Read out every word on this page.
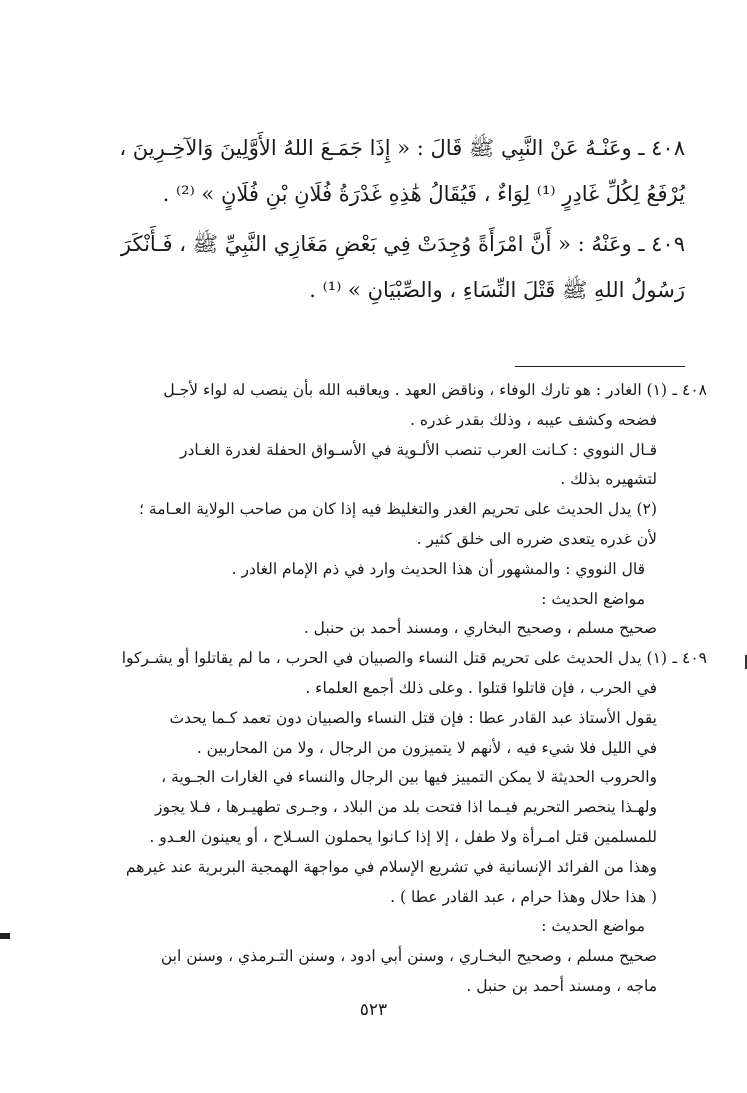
٤٠٨ ـ وعَنْـهُ عَنْ النَّبِي ﷺ قَالَ : « إِذَا جَمَـعَ اللهُ الأَوَّلِينَ وَالآخِـرِينَ ،
يُرْفَعُ لِكُلِّ غَادِرٍ ⁽¹⁾ لِوَاءٌ ، فَيُقَالُ هَٰذِهِ غَدْرَةُ فُلَانِ بْنِ فُلَانٍ » ⁽²⁾ .
٤٠٩ ـ وعَنْهُ : « أَنَّ امْرَأَةً وُجِدَتْ فِي بَعْضِ مَغَازِي النَّبِيِّ ﷺ ، فَـأَنْكَرَ
رَسُولُ اللهِ ﷺ قَتْلَ النِّسَاءِ ، والصِّبْيَانِ » ⁽¹⁾ .
٤٠٨ ـ(١) الغادر : هو تارك الوفاء ، وناقض العهد . ويعاقبه الله بأن ينصب له لواء لأجـل
فضحه وكشف عيبه ، وذلك بقدر غدره .
قـال النووي : كـانت العرب تنصب الألـوية في الأسـواق الحفلة لغدرة الغـادر
لتشهيره بذلك .
(٢) يدل الحديث على تحريم الغدر والتغليظ فيه إذا كان من صاحب الولاية العـامة ؛
لأن غدره يتعدى ضرره الى خلق كثير .
قال النووي : والمشهور أن هذا الحديث وارد في ذم الإمام الغادر .
مواضع الحديث :
صحيح مسلم ، وصحيح البخاري ، ومسند أحمد بن حنبل .
٤٠٩ ـ(١) يدل الحديث على تحريم قتل النساء والصبيان في الحرب ، ما لم يقاتلوا أو يشـركوا
في الحرب ، فإن قاتلوا قتلوا . وعلى ذلك أجمع العلماء .
يقول الأستاذ عبد القادر عطا : فإن قتل النساء والصبيان دون تعمد كـما يحدث
في الليل فلا شيء فيه ، لأنهم لا يتميزون من الرجال ، ولا من المحاربين .
والحروب الحديثة لا يمكن التمييز فيها بين الرجال والنساء في الغارات الجـوية ،
ولهـذا ينحصر التحريم فيـما اذا فتحت بلد من البلاد ، وجـرى تطهيـرها ، فـلا يجوز
للمسلمين قتل امـرأة ولا طفل ، إلا إذا كـانوا يحملون السـلاح ، أو يعينون العـدو .
وهذا من الفرائد الإنسانية في تشريع الإسلام في مواجهة الهمجية البربرية عند غيرهم
( هذا حلال وهذا حرام ، عبد القادر عطا ) .
مواضع الحديث :
صحيح مسلم ، وصحيح البخـاري ، وسنن أبي ادود ، وسنن التـرمذي ، وسنن ابن
ماجه ، ومسند أحمد بن حنبل .
٥٢٣
